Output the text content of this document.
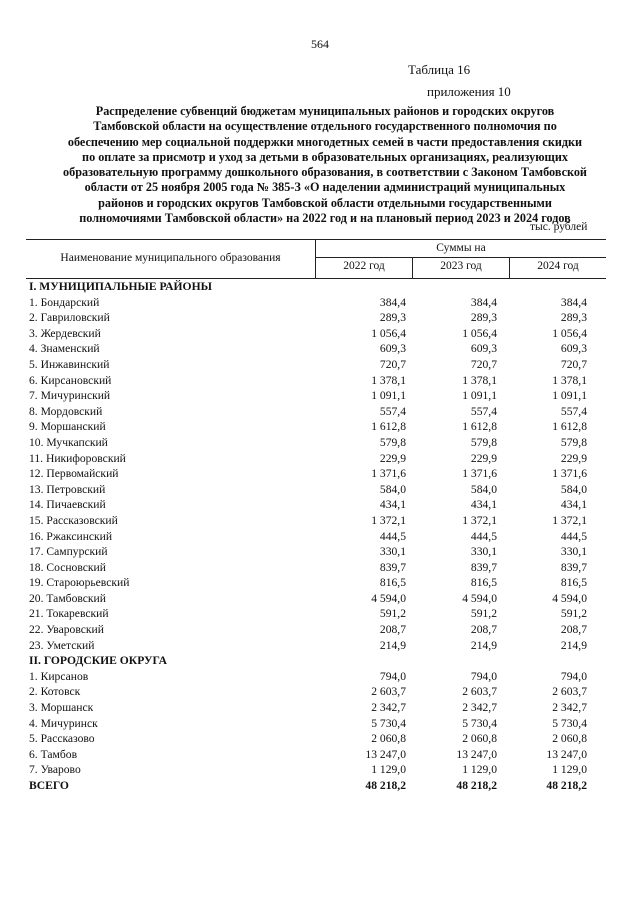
564
Таблица 16
приложения 10
Распределение субвенций бюджетам муниципальных районов и городских округов
Тамбовской области на осуществление отдельного государственного полномочия по
обеспечению мер социальной поддержки многодетных семей в части предоставления скидки
по оплате за присмотр и уход за детьми в образовательных организациях, реализующих
образовательную программу дошкольного образования, в соответствии с Законом Тамбовской
области от 25 ноября 2005 года № 385-З «О наделении администраций муниципальных
районов и городских округов Тамбовской области отдельными государственными
полномочиями Тамбовской области» на 2022 год и на плановый период 2023 и 2024 годов
тыс. рублей
Наименование муниципального образования
Суммы на
2022 год	2023 год	2024 год
I. МУНИЦИПАЛЬНЫЕ РАЙОНЫ
1. Бондарский	384,4	384,4	384,4
2. Гавриловский	289,3	289,3	289,3
3. Жердевский	1 056,4	1 056,4	1 056,4
4. Знаменский	609,3	609,3	609,3
5. Инжавинский	720,7	720,7	720,7
6. Кирсановский	1 378,1	1 378,1	1 378,1
7. Мичуринский	1 091,1	1 091,1	1 091,1
8. Мордовский	557,4	557,4	557,4
9. Моршанский	1 612,8	1 612,8	1 612,8
10. Мучкапский	579,8	579,8	579,8
11. Никифоровский	229,9	229,9	229,9
12. Первомайский	1 371,6	1 371,6	1 371,6
13. Петровский	584,0	584,0	584,0
14. Пичаевский	434,1	434,1	434,1
15. Рассказовский	1 372,1	1 372,1	1 372,1
16. Ржаксинский	444,5	444,5	444,5
17. Сампурский	330,1	330,1	330,1
18. Сосновский	839,7	839,7	839,7
19. Староюрьевский	816,5	816,5	816,5
20. Тамбовский	4 594,0	4 594,0	4 594,0
21. Токаревский	591,2	591,2	591,2
22. Уваровский	208,7	208,7	208,7
23. Уметский	214,9	214,9	214,9
II. ГОРОДСКИЕ ОКРУГА
1. Кирсанов	794,0	794,0	794,0
2. Котовск	2 603,7	2 603,7	2 603,7
3. Моршанск	2 342,7	2 342,7	2 342,7
4. Мичуринск	5 730,4	5 730,4	5 730,4
5. Рассказово	2 060,8	2 060,8	2 060,8
6. Тамбов	13 247,0	13 247,0	13 247,0
7. Уварово	1 129,0	1 129,0	1 129,0
ВСЕГО	48 218,2	48 218,2	48 218,2
